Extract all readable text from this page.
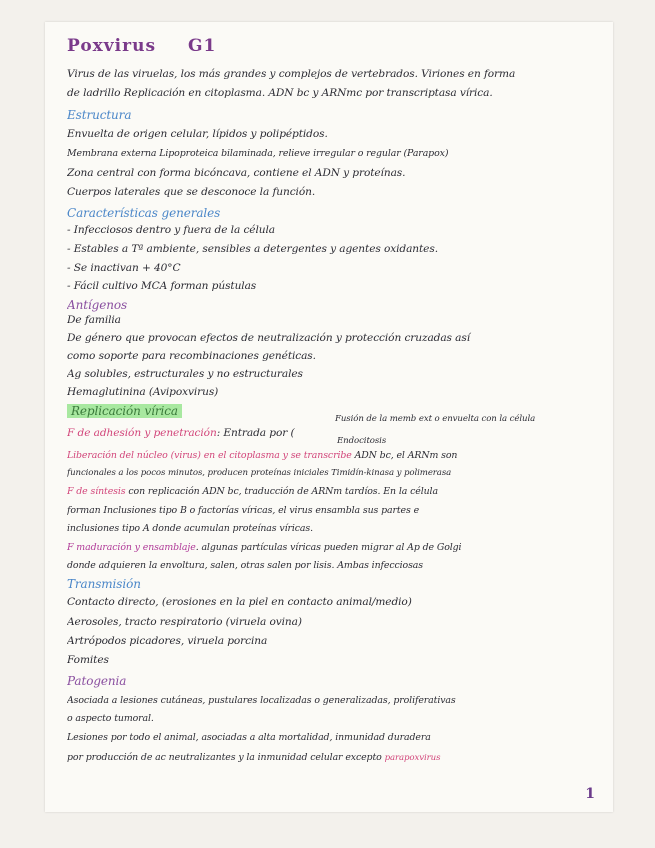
Poxvirus G1
Virus de las viruelas, los más grandes y complejos de vertebrados. Viriones en forma
de ladrillo Replicación en citoplasma. ADN bc y ARNmc por transcriptasa vírica.
Estructura
Envuelta de origen celular, lípidos y polipéptidos.
Membrana externa Lipoproteica bilaminada, relieve irregular o regular (Parapox)
Zona central con forma bicóncava, contiene el ADN y proteínas.
Cuerpos laterales que se desconoce la función.
Características generales
- Infecciosos dentro y fuera de la célula
- Estables a Tª ambiente, sensibles a detergentes y agentes oxidantes.
- Se inactivan + 40°C
- Fácil cultivo MCA forman pústulas
Antígenos
De familia
De género que provocan efectos de neutralización y protección cruzadas así
como soporte para recombinaciones genéticas.
Ag solubles, estructurales y no estructurales
Hemaglutinina (Avipoxvirus)
Replicación vírica
Fusión de la memb ext o envuelta con la célula
F de adhesión y penetración: Entrada por (
Endocitosis
Liberación del núcleo (virus) en el citoplasma y se transcribe ADN bc, el ARNm son
funcionales a los pocos minutos, producen proteínas iniciales Timidín-kinasa y polimerasa
F de síntesis con replicación ADN bc, traducción de ARNm tardíos. En la célula
forman Inclusiones tipo B o factorías víricas, el virus ensambla sus partes e
inclusiones tipo A donde acumulan proteínas víricas.
F maduración y ensamblaje. algunas partículas víricas pueden migrar al Ap de Golgi
donde adquieren la envoltura, salen, otras salen por lisis. Ambas infecciosas
Transmisión
Contacto directo, (erosiones en la piel en contacto animal/medio)
Aerosoles, tracto respiratorio (viruela ovina)
Artrópodos picadores, viruela porcina
Fomites
Patogenia
Asociada a lesiones cutáneas, pustulares localizadas o generalizadas, proliferativas
o aspecto tumoral.
Lesiones por todo el animal, asociadas a alta mortalidad, inmunidad duradera
por producción de ac neutralizantes y la inmunidad celular excepto parapoxvirus
1
